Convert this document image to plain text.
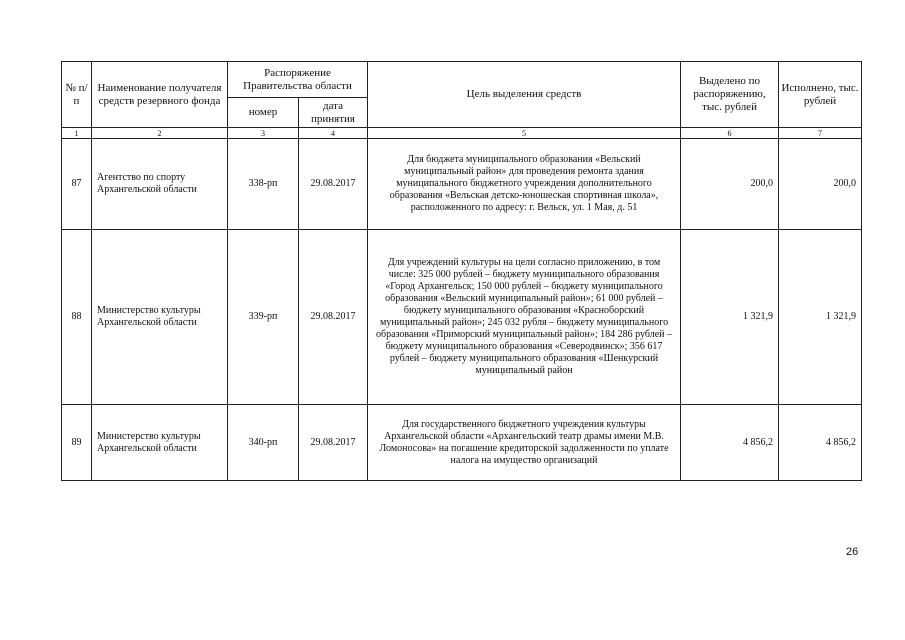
№ п/п	Наименование получателя средств резервного фонда	Распоряжение Правительства области		Цель выделения средств	Выделено по распоряжению, тыс. рублей	Исполнено, тыс. рублей
		номер	дата принятия			
1	2	3	4	5	6	7
87	Агентство по спорту Архангельской области	338-рп	29.08.2017	Для бюджета муниципального образования «Вельский муниципальный район» для проведения ремонта здания муниципального бюджетного учреждения дополнительного образования «Вельская детско-юношеская спортивная школа», расположенного по адресу: г. Вельск, ул. 1 Мая, д. 51	200,0	200,0
88	Министерство культуры Архангельской области	339-рп	29.08.2017	Для учреждений культуры на цели согласно приложению, в том числе: 325 000 рублей – бюджету муниципального образования «Город Архангельск; 150 000 рублей – бюджету муниципального образования «Вельский муниципальный район»; 61 000 рублей – бюджету муниципального образования «Красноборский муниципальный район»; 245 032 рубля – бюджету муниципального образования «Приморский муниципальный район»; 184 286 рублей – бюджету муниципального образования «Северодвинск»; 356 617 рублей – бюджету муниципального образования «Шенкурский муниципальный район	1 321,9	1 321,9
89	Министерство культуры Архангельской области	340-рп	29.08.2017	Для государственного бюджетного учреждения культуры Архангельской области «Архангельский театр драмы имени М.В. Ломоносова» на погашение кредиторской задолженности по уплате налога на имущество организаций	4 856,2	4 856,2
26
